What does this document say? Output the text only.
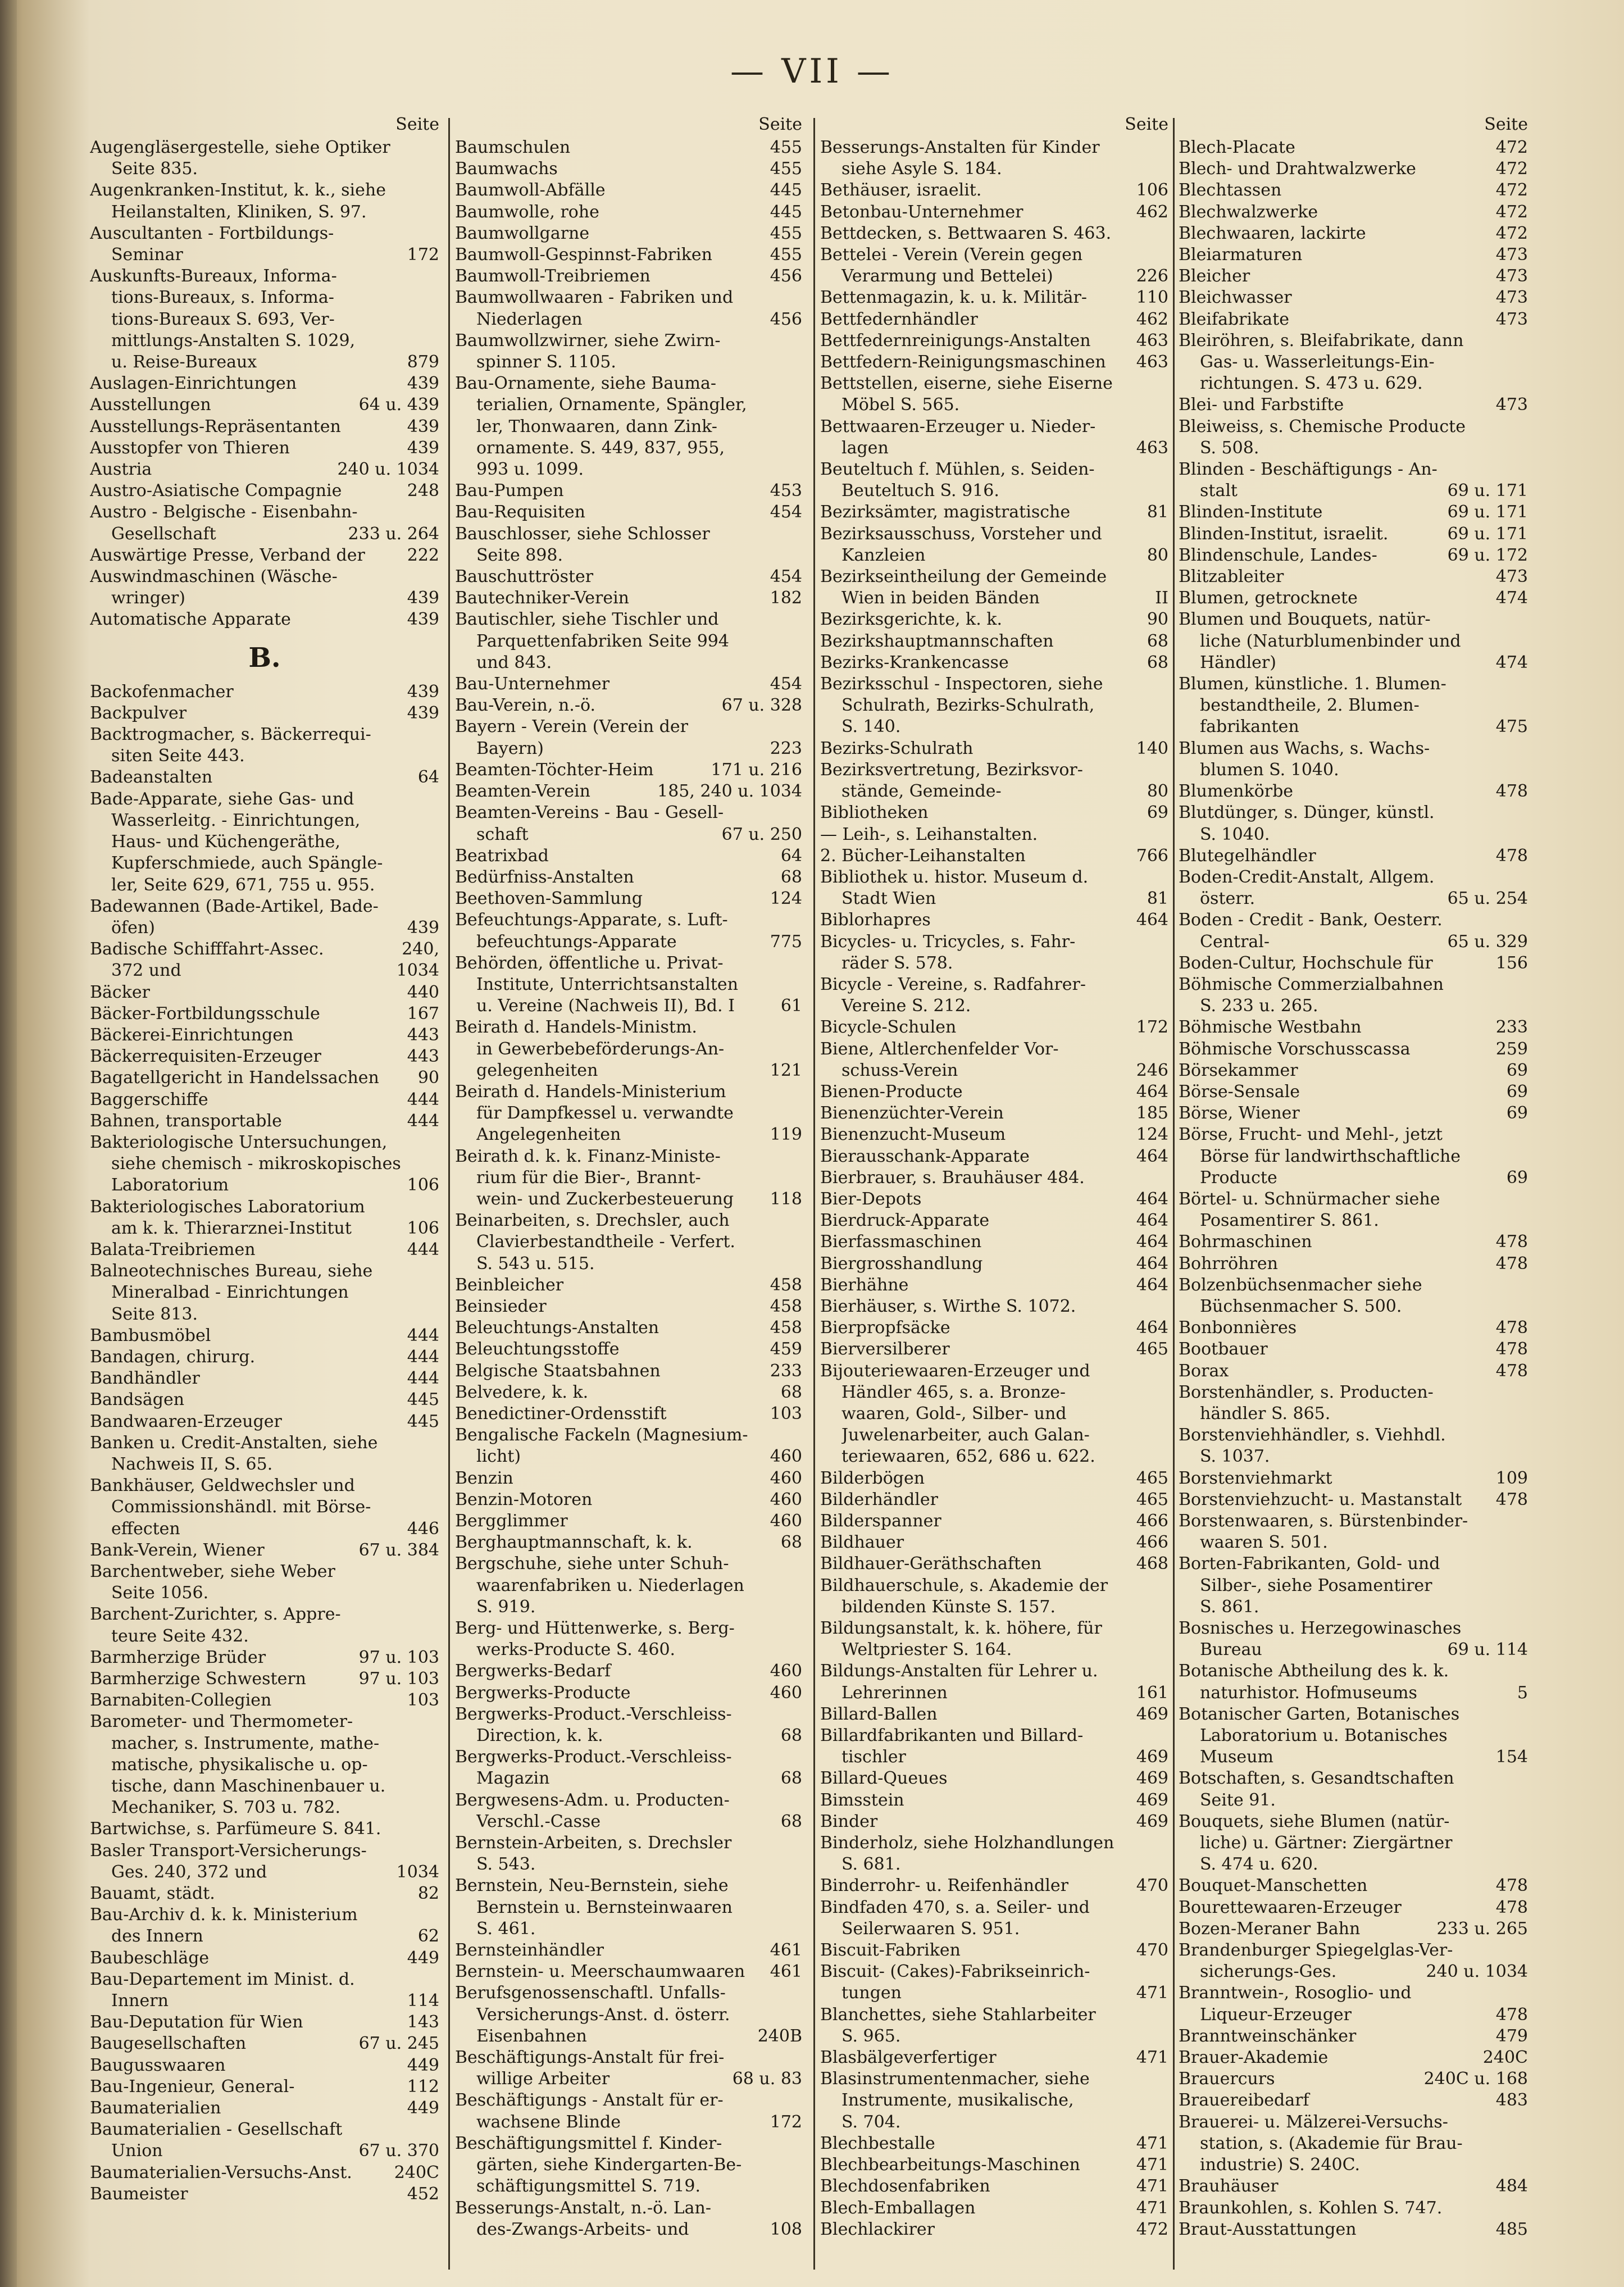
— VII —
Seite
Augengläsergestelle, siehe Optiker
Seite 835.
Augenkranken-Institut, k. k., siehe
Heilanstalten, Kliniken, S. 97.
Auscultanten - Fortbildungs-
Seminar	172
Auskunfts-Bureaux, Informa-
tions-Bureaux, s. Informa-
tions-Bureaux S. 693, Ver-
mittlungs-Anstalten S. 1029,
u. Reise-Bureaux	879
Auslagen-Einrichtungen	439
Ausstellungen	64 u. 439
Ausstellungs-Repräsentanten	439
Ausstopfer von Thieren	439
Austria	240 u. 1034
Austro-Asiatische Compagnie	248
Austro - Belgische - Eisenbahn-
Gesellschaft	233 u. 264
Auswärtige Presse, Verband der	222
Auswindmaschinen (Wäsche-
wringer)	439
Automatische Apparate	439
B.
Backofenmacher	439
Backpulver	439
Backtrogmacher, s. Bäckerrequi-
siten Seite 443.
Badeanstalten	64
Bade-Apparate, siehe Gas- und
Wasserleitg. - Einrichtungen,
Haus- und Küchengeräthe,
Kupferschmiede, auch Spängle-
ler, Seite 629, 671, 755 u. 955.
Badewannen (Bade-Artikel, Bade-
öfen)	439
Badische Schifffahrt-Assec.	240,
372 und	1034
Bäcker	440
Bäcker-Fortbildungsschule	167
Bäckerei-Einrichtungen	443
Bäckerrequisiten-Erzeuger	443
Bagatellgericht in Handelssachen	90
Baggerschiffe	444
Bahnen, transportable	444
Bakteriologische Untersuchungen,
siehe chemisch - mikroskopisches
Laboratorium	106
Bakteriologisches Laboratorium
am k. k. Thierarznei-Institut	106
Balata-Treibriemen	444
Balneotechnisches Bureau, siehe
Mineralbad - Einrichtungen
Seite 813.
Bambusmöbel	444
Bandagen, chirurg.	444
Bandhändler	444
Bandsägen	445
Bandwaaren-Erzeuger	445
Banken u. Credit-Anstalten, siehe
Nachweis II, S. 65.
Bankhäuser, Geldwechsler und
Commissionshändl. mit Börse-
effecten	446
Bank-Verein, Wiener	67 u. 384
Barchentweber, siehe Weber
Seite 1056.
Barchent-Zurichter, s. Appre-
teure Seite 432.
Barmherzige Brüder	97 u. 103
Barmherzige Schwestern	97 u. 103
Barnabiten-Collegien	103
Barometer- und Thermometer-
macher, s. Instrumente, mathe-
matische, physikalische u. op-
tische, dann Maschinenbauer u.
Mechaniker, S. 703 u. 782.
Bartwichse, s. Parfümeure S. 841.
Basler Transport-Versicherungs-
Ges. 240, 372 und	1034
Bauamt, städt.	82
Bau-Archiv d. k. k. Ministerium
des Innern	62
Baubeschläge	449
Bau-Departement im Minist. d.
Innern	114
Bau-Deputation für Wien	143
Baugesellschaften	67 u. 245
Baugusswaaren	449
Bau-Ingenieur, General-	112
Baumaterialien	449
Baumaterialien - Gesellschaft
Union	67 u. 370
Baumaterialien-Versuchs-Anst.	240C
Baumeister	452
Seite
Baumschulen	455
Baumwachs	455
Baumwoll-Abfälle	445
Baumwolle, rohe	445
Baumwollgarne	455
Baumwoll-Gespinnst-Fabriken	455
Baumwoll-Treibriemen	456
Baumwollwaaren - Fabriken und
Niederlagen	456
Baumwollzwirner, siehe Zwirn-
spinner S. 1105.
Bau-Ornamente, siehe Bauma-
terialien, Ornamente, Spängler,
ler, Thonwaaren, dann Zink-
ornamente. S. 449, 837, 955,
993 u. 1099.
Bau-Pumpen	453
Bau-Requisiten	454
Bauschlosser, siehe Schlosser
Seite 898.
Bauschuttröster	454
Bautechniker-Verein	182
Bautischler, siehe Tischler und
Parquettenfabriken Seite 994
und 843.
Bau-Unternehmer	454
Bau-Verein, n.-ö.	67 u. 328
Bayern - Verein (Verein der
Bayern)	223
Beamten-Töchter-Heim	171 u. 216
Beamten-Verein	185, 240 u. 1034
Beamten-Vereins - Bau - Gesell-
schaft	67 u. 250
Beatrixbad	64
Bedürfniss-Anstalten	68
Beethoven-Sammlung	124
Befeuchtungs-Apparate, s. Luft-
befeuchtungs-Apparate	775
Behörden, öffentliche u. Privat-
Institute, Unterrichtsanstalten
u. Vereine (Nachweis II), Bd. I	61
Beirath d. Handels-Ministm.
in Gewerbebeförderungs-An-
gelegenheiten	121
Beirath d. Handels-Ministerium
für Dampfkessel u. verwandte
Angelegenheiten	119
Beirath d. k. k. Finanz-Ministe-
rium für die Bier-, Brannt-
wein- und Zuckerbesteuerung	118
Beinarbeiten, s. Drechsler, auch
Clavierbestandtheile - Verfert.
S. 543 u. 515.
Beinbleicher	458
Beinsieder	458
Beleuchtungs-Anstalten	458
Beleuchtungsstoffe	459
Belgische Staatsbahnen	233
Belvedere, k. k.	68
Benedictiner-Ordensstift	103
Bengalische Fackeln (Magnesium-
licht)	460
Benzin	460
Benzin-Motoren	460
Bergglimmer	460
Berghauptmannschaft, k. k.	68
Bergschuhe, siehe unter Schuh-
waarenfabriken u. Niederlagen
S. 919.
Berg- und Hüttenwerke, s. Berg-
werks-Producte S. 460.
Bergwerks-Bedarf	460
Bergwerks-Producte	460
Bergwerks-Product.-Verschleiss-
Direction, k. k.	68
Bergwerks-Product.-Verschleiss-
Magazin	68
Bergwesens-Adm. u. Producten-
Verschl.-Casse	68
Bernstein-Arbeiten, s. Drechsler
S. 543.
Bernstein, Neu-Bernstein, siehe
Bernstein u. Bernsteinwaaren
S. 461.
Bernsteinhändler	461
Bernstein- u. Meerschaumwaaren	461
Berufsgenossenschaftl. Unfalls-
Versicherungs-Anst. d. österr.
Eisenbahnen	240B
Beschäftigungs-Anstalt für frei-
willige Arbeiter	68 u. 83
Beschäftigungs - Anstalt für er-
wachsene Blinde	172
Beschäftigungsmittel f. Kinder-
gärten, siehe Kindergarten-Be-
schäftigungsmittel S. 719.
Besserungs-Anstalt, n.-ö. Lan-
des-Zwangs-Arbeits- und	108
Seite
Besserungs-Anstalten für Kinder
siehe Asyle S. 184.
Bethäuser, israelit.	106
Betonbau-Unternehmer	462
Bettdecken, s. Bettwaaren S. 463.
Bettelei - Verein (Verein gegen
Verarmung und Bettelei)	226
Bettenmagazin, k. u. k. Militär-	110
Bettfedernhändler	462
Bettfedernreinigungs-Anstalten	463
Bettfedern-Reinigungsmaschinen	463
Bettstellen, eiserne, siehe Eiserne
Möbel S. 565.
Bettwaaren-Erzeuger u. Nieder-
lagen	463
Beuteltuch f. Mühlen, s. Seiden-
Beuteltuch S. 916.
Bezirksämter, magistratische	81
Bezirksausschuss, Vorsteher und
Kanzleien	80
Bezirkseintheilung der Gemeinde
Wien in beiden Bänden	II
Bezirksgerichte, k. k.	90
Bezirkshauptmannschaften	68
Bezirks-Krankencasse	68
Bezirksschul - Inspectoren, siehe
Schulrath, Bezirks-Schulrath,
S. 140.
Bezirks-Schulrath	140
Bezirksvertretung, Bezirksvor-
stände, Gemeinde-	80
Bibliotheken	69
— Leih-, s. Leihanstalten.
2. Bücher-Leihanstalten	766
Bibliothek u. histor. Museum d.
Stadt Wien	81
Biblorhapres	464
Bicycles- u. Tricycles, s. Fahr-
räder S. 578.
Bicycle - Vereine, s. Radfahrer-
Vereine S. 212.
Bicycle-Schulen	172
Biene, Altlerchenfelder Vor-
schuss-Verein	246
Bienen-Producte	464
Bienenzüchter-Verein	185
Bienenzucht-Museum	124
Bierausschank-Apparate	464
Bierbrauer, s. Brauhäuser 484.
Bier-Depots	464
Bierdruck-Apparate	464
Bierfassmaschinen	464
Biergrosshandlung	464
Bierhähne	464
Bierhäuser, s. Wirthe S. 1072.
Bierpropfsäcke	464
Bierversilberer	465
Bijouteriewaaren-Erzeuger und
Händler 465, s. a. Bronze-
waaren, Gold-, Silber- und
Juwelenarbeiter, auch Galan-
teriewaaren, 652, 686 u. 622.
Bilderbögen	465
Bilderhändler	465
Bilderspanner	466
Bildhauer	466
Bildhauer-Geräthschaften	468
Bildhauerschule, s. Akademie der
bildenden Künste S. 157.
Bildungsanstalt, k. k. höhere, für
Weltpriester S. 164.
Bildungs-Anstalten für Lehrer u.
Lehrerinnen	161
Billard-Ballen	469
Billardfabrikanten und Billard-
tischler	469
Billard-Queues	469
Bimsstein	469
Binder	469
Binderholz, siehe Holzhandlungen
S. 681.
Binderrohr- u. Reifenhändler	470
Bindfaden 470, s. a. Seiler- und
Seilerwaaren S. 951.
Biscuit-Fabriken	470
Biscuit- (Cakes)-Fabrikseinrich-
tungen	471
Blanchettes, siehe Stahlarbeiter
S. 965.
Blasbälgeverfertiger	471
Blasinstrumentenmacher, siehe
Instrumente, musikalische,
S. 704.
Blechbestalle	471
Blechbearbeitungs-Maschinen	471
Blechdosenfabriken	471
Blech-Emballagen	471
Blechlackirer	472
Seite
Blech-Placate	472
Blech- und Drahtwalzwerke	472
Blechtassen	472
Blechwalzwerke	472
Blechwaaren, lackirte	472
Bleiarmaturen	473
Bleicher	473
Bleichwasser	473
Bleifabrikate	473
Bleiröhren, s. Bleifabrikate, dann
Gas- u. Wasserleitungs-Ein-
richtungen. S. 473 u. 629.
Blei- und Farbstifte	473
Bleiweiss, s. Chemische Producte
S. 508.
Blinden - Beschäftigungs - An-
stalt	69 u. 171
Blinden-Institute	69 u. 171
Blinden-Institut, israelit.	69 u. 171
Blindenschule, Landes-	69 u. 172
Blitzableiter	473
Blumen, getrocknete	474
Blumen und Bouquets, natür-
liche (Naturblumenbinder und
Händler)	474
Blumen, künstliche. 1. Blumen-
bestandtheile, 2. Blumen-
fabrikanten	475
Blumen aus Wachs, s. Wachs-
blumen S. 1040.
Blumenkörbe	478
Blutdünger, s. Dünger, künstl.
S. 1040.
Blutegelhändler	478
Boden-Credit-Anstalt, Allgem.
österr.	65 u. 254
Boden - Credit - Bank, Oesterr.
Central-	65 u. 329
Boden-Cultur, Hochschule für	156
Böhmische Commerzialbahnen
S. 233 u. 265.
Böhmische Westbahn	233
Böhmische Vorschusscassa	259
Börsekammer	69
Börse-Sensale	69
Börse, Wiener	69
Börse, Frucht- und Mehl-, jetzt
Börse für landwirthschaftliche
Producte	69
Börtel- u. Schnürmacher siehe
Posamentirer S. 861.
Bohrmaschinen	478
Bohrröhren	478
Bolzenbüchsenmacher siehe
Büchsenmacher S. 500.
Bonbonnières	478
Bootbauer	478
Borax	478
Borstenhändler, s. Producten-
händler S. 865.
Borstenviehhändler, s. Viehhdl.
S. 1037.
Borstenviehmarkt	109
Borstenviehzucht- u. Mastanstalt	478
Borstenwaaren, s. Bürstenbinder-
waaren S. 501.
Borten-Fabrikanten, Gold- und
Silber-, siehe Posamentirer
S. 861.
Bosnisches u. Herzegowinasches
Bureau	69 u. 114
Botanische Abtheilung des k. k.
naturhistor. Hofmuseums	5
Botanischer Garten, Botanisches
Laboratorium u. Botanisches
Museum	154
Botschaften, s. Gesandtschaften
Seite 91.
Bouquets, siehe Blumen (natür-
liche) u. Gärtner: Ziergärtner
S. 474 u. 620.
Bouquet-Manschetten	478
Bourettewaaren-Erzeuger	478
Bozen-Meraner Bahn	233 u. 265
Brandenburger Spiegelglas-Ver-
sicherungs-Ges.	240 u. 1034
Branntwein-, Rosoglio- und
Liqueur-Erzeuger	478
Branntweinschänker	479
Brauer-Akademie	240C
Brauercurs	240C u. 168
Brauereibedarf	483
Brauerei- u. Mälzerei-Versuchs-
station, s. (Akademie für Brau-
industrie) S. 240C.
Brauhäuser	484
Braunkohlen, s. Kohlen S. 747.
Braut-Ausstattungen	485
